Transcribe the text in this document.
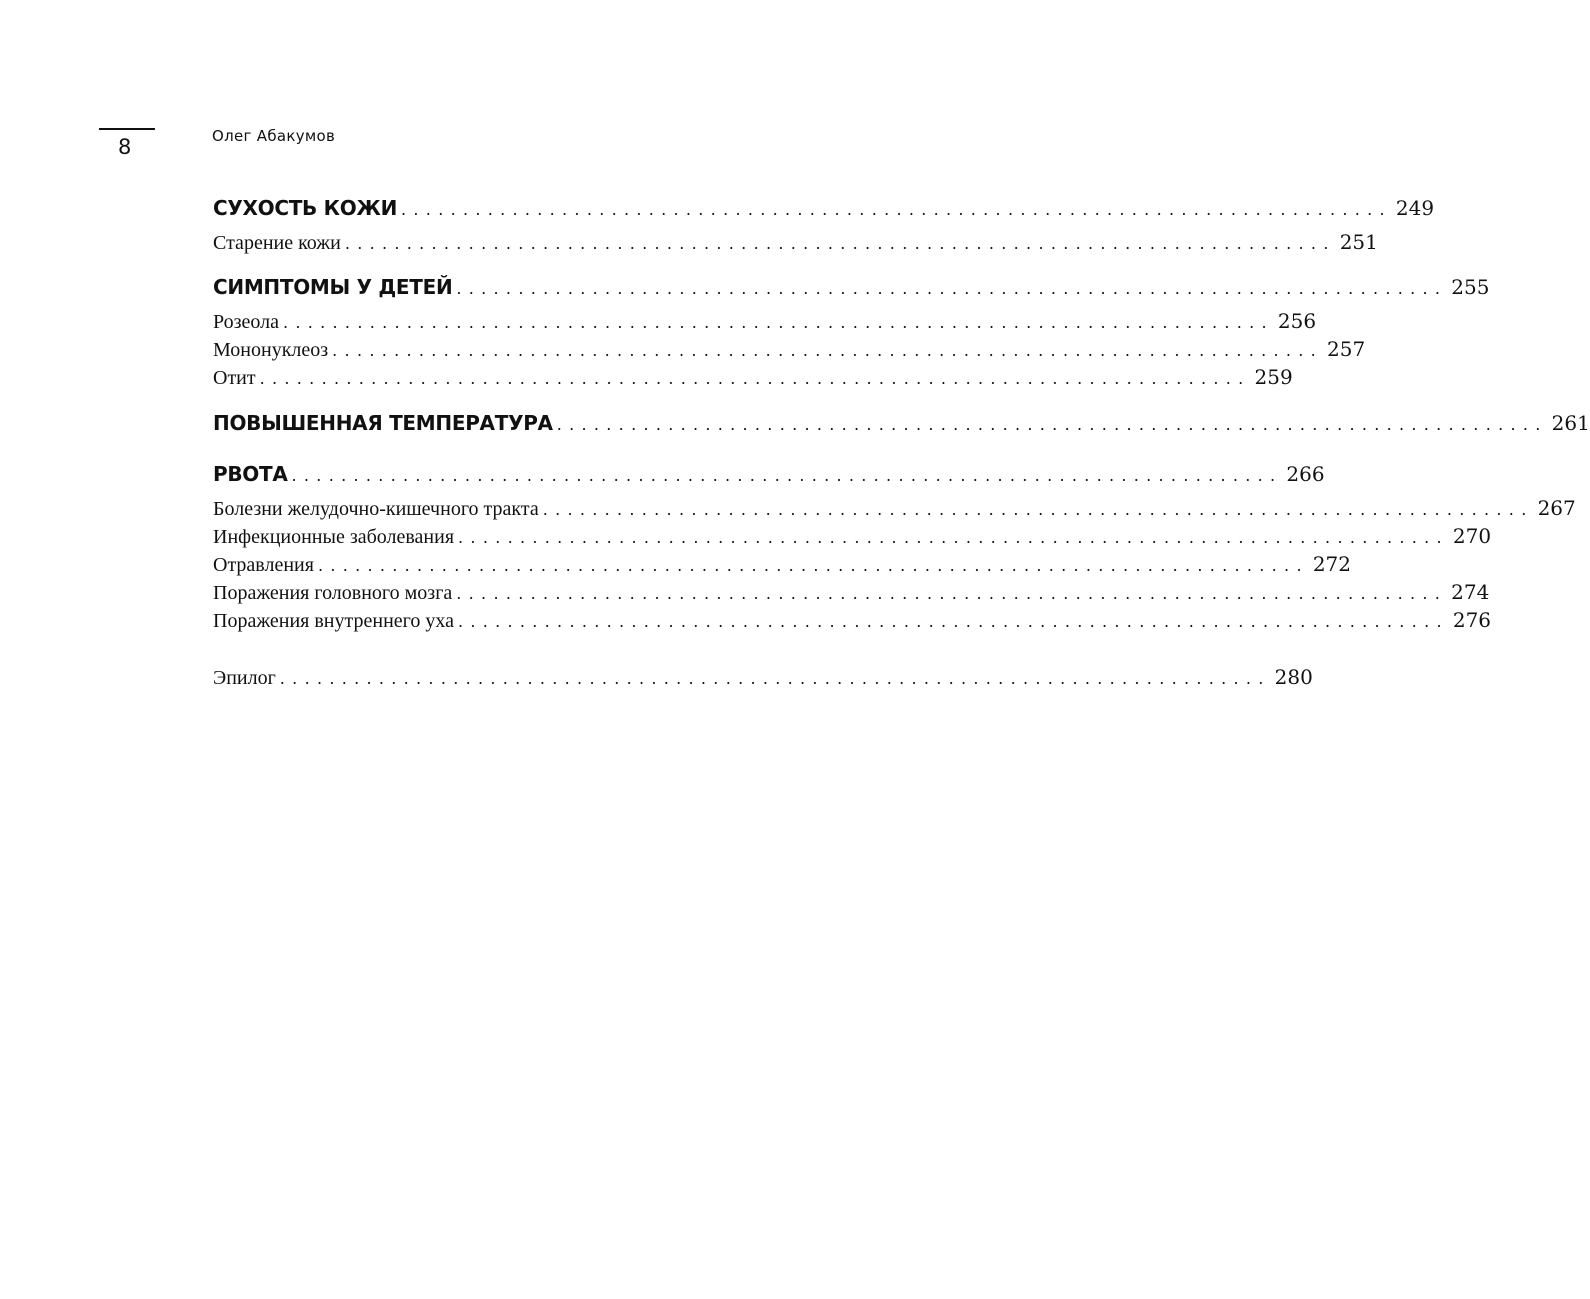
8	Олег Абакумов
СУХОСТЬ КОЖИ ................................................................................ 249
Старение кожи ................................................................................ 251
СИМПТОМЫ У ДЕТЕЙ ................................................................................ 255
Розеола ................................................................................ 256
Мононуклеоз ................................................................................ 257
Отит ................................................................................ 259
ПОВЫШЕННАЯ ТЕМПЕРАТУРА ................................................................................ 261
РВОТА ................................................................................ 266
Болезни желудочно-кишечного тракта ................................................................................ 267
Инфекционные заболевания ................................................................................ 270
Отравления ................................................................................ 272
Поражения головного мозга ................................................................................ 274
Поражения внутреннего уха ................................................................................ 276
Эпилог ................................................................................ 280
